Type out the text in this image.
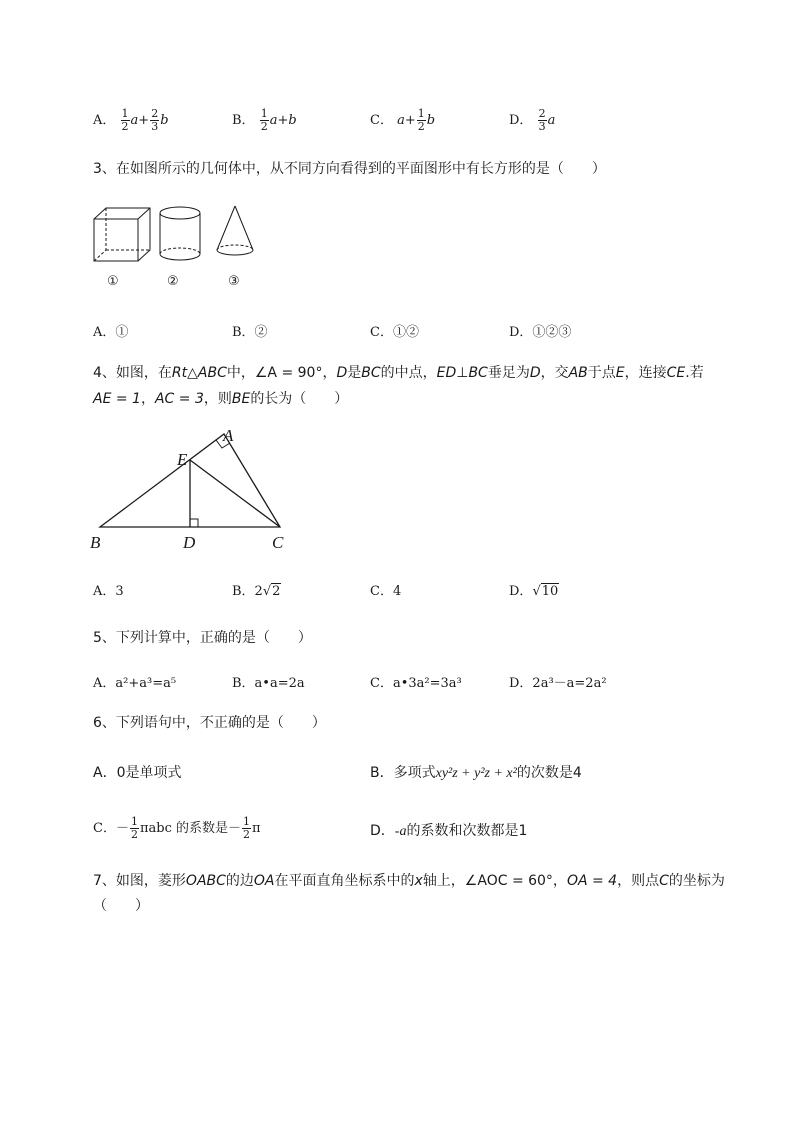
A． $\frac{1}{2} a+ \frac{2}{3}$ b	B． $\frac{1}{2} a+b$	C． $a+ \frac{1}{2}$ b	D． $\frac{2}{3}$ a
3、在如图所示的几何体中，从不同方向看得到的平面图形中有长方形的是（　　）
①	②	③
A．①	B．②	C．①②	D．①②③
4、如图，在Rt△ABC中，∠A = 90°，D是BC的中点，ED⊥BC垂足为D，交AB于点E，连接CE.若
AE = 1，AC = 3，则BE的长为（　　）
A
E
B	D	C
A．3	B．2√2	C．4	D．√10
5、下列计算中，正确的是（　　）
A．a²+a³=a⁵	B．a•a=2a	C．a•3a²=3a³	D．2a³－a=2a²
6、下列语句中，不正确的是（　　）
A．0是单项式	B．多项式xy²z + y²z + x²的次数是4
C．－ $\frac{1}{2}$ πabc 的系数是－ $\frac{1}{2}$ π	D．-a的系数和次数都是1
7、如图，菱形OABC的边OA在平面直角坐标系中的x轴上，∠AOC = 60°，OA = 4，则点C的坐标为
（　　）
